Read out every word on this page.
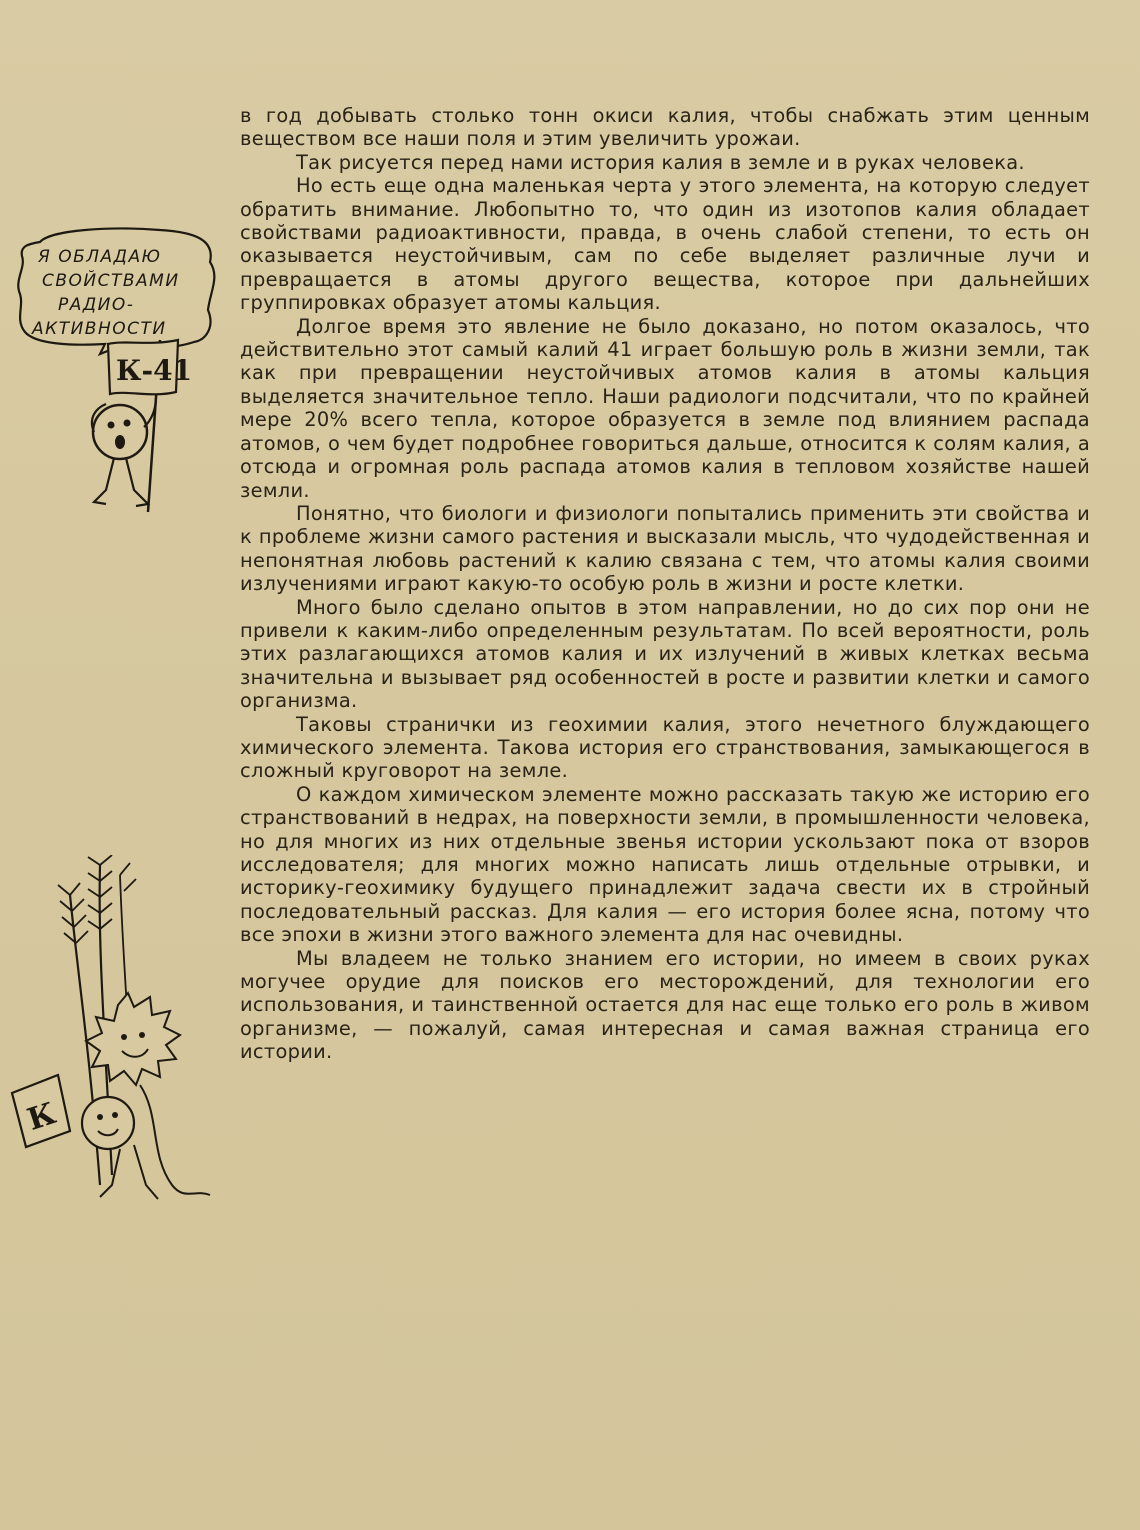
Я ОБЛАДАЮ
СВОЙСТВАМИ
РАДИО-
АКТИВНОСТИ
К-41
К

в год добывать столько тонн окиси калия, чтобы снабжать этим ценным веществом все наши поля и этим увеличить урожаи.

Так рисуется перед нами история калия в земле и в руках человека.

Но есть еще одна маленькая черта у этого элемента, на которую следует обратить внимание. Любопытно то, что один из изотопов калия обладает свойствами радиоактивности, правда, в очень слабой степени, то есть он оказывается неустойчивым, сам по себе выделяет различные лучи и превращается в атомы другого вещества, которое при дальнейших группировках образует атомы кальция.

Долгое время это явление не было доказано, но потом оказалось, что действительно этот самый калий 41 играет большую роль в жизни земли, так как при превращении неустойчивых атомов калия в атомы кальция выделяется значительное тепло. Наши радиологи подсчитали, что по крайней мере 20% всего тепла, которое образуется в земле под влиянием распада атомов, о чем будет подробнее говориться дальше, относится к солям калия, а отсюда и огромная роль распада атомов калия в тепловом хозяйстве нашей земли.

Понятно, что биологи и физиологи попытались применить эти свойства и к проблеме жизни самого растения и высказали мысль, что чудодейственная и непонятная любовь растений к калию связана с тем, что атомы калия своими излучениями играют какую-то особую роль в жизни и росте клетки.

Много было сделано опытов в этом направлении, но до сих пор они не привели к каким-либо определенным результатам. По всей вероятности, роль этих разлагающихся атомов калия и их излучений в живых клетках весьма значительна и вызывает ряд особенностей в росте и развитии клетки и самого организма.

Таковы странички из геохимии калия, этого нечетного блуждающего химического элемента. Такова история его странствования, замыкающегося в сложный круговорот на земле.

О каждом химическом элементе можно рассказать такую же историю его странствований в недрах, на поверхности земли, в промышленности человека, но для многих из них отдельные звенья истории ускользают пока от взоров исследователя; для многих можно написать лишь отдельные отрывки, и историку-геохимику будущего принадлежит задача свести их в стройный последовательный рассказ. Для калия — его история более ясна, потому что все эпохи в жизни этого важного элемента для нас очевидны.

Мы владеем не только знанием его истории, но имеем в своих руках могучее орудие для поисков его месторождений, для технологии его использования, и таинственной остается для нас еще только его роль в живом организме, — пожалуй, самая интересная и самая важная страница его истории.
